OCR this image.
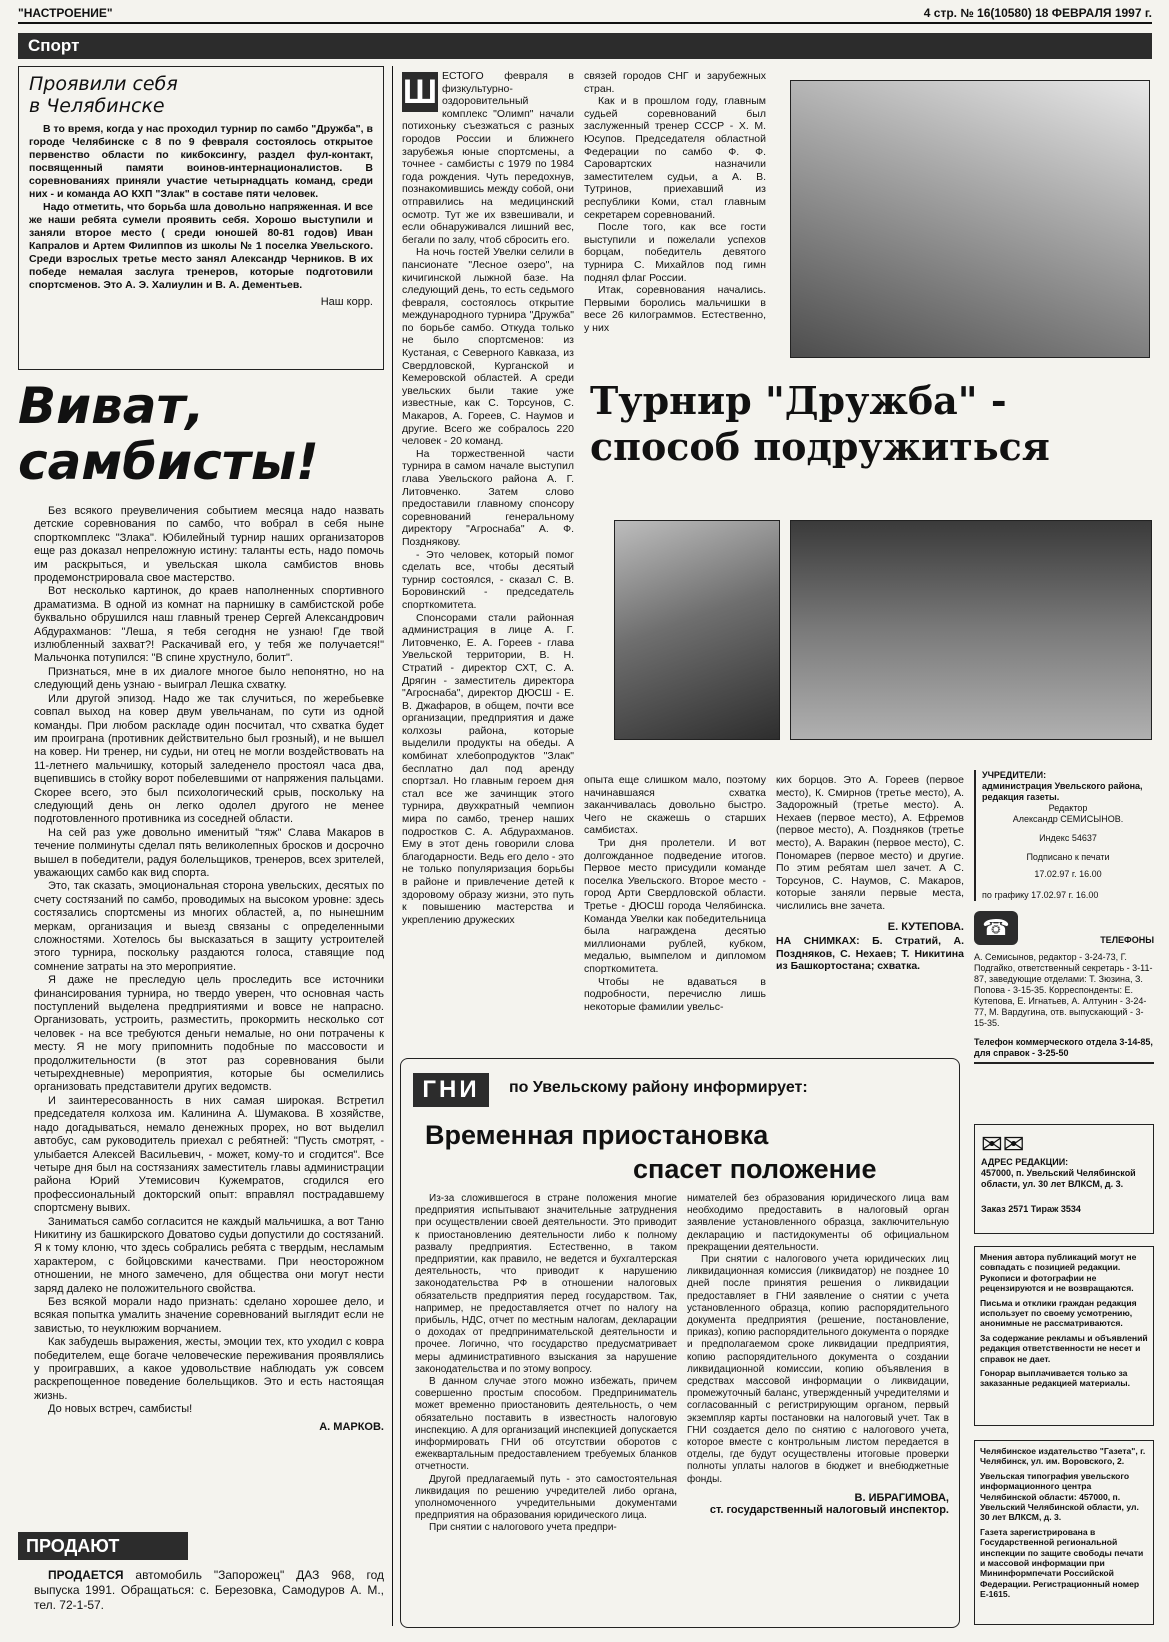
"НАСТРОЕНИЕ"	4 стр. № 16(10580) 18 ФЕВРАЛЯ 1997 г.
Спорт
Проявили себя
в Челябинске

В то время, когда у нас проходил турнир по самбо "Дружба", в городе Челябинске с 8 по 9 февраля состоялось открытое первенство области по кикбоксингу, раздел фул-контакт, посвященный памяти воинов-интернационалистов. В соревнованиях приняли участие четырнадцать команд, среди них - и команда АО КХП "Злак" в составе пяти человек.

Надо отметить, что борьба шла довольно напряженная. И все же наши ребята сумели проявить себя. Хорошо выступили и заняли второе место ( среди юношей 80-81 годов) Иван Капралов и Артем Филиппов из школы № 1 поселка Увельского. Среди взрослых третье место занял Александр Черников. В их победе немалая заслуга тренеров, которые подготовили спортсменов. Это А. Э. Халиулин и В. А. Дементьев.

Наш корр.
Виват,
самбисты!

Без всякого преувеличения событием месяца надо назвать детские соревнования по самбо, что вобрал в себя ныне спорткомплекс "Злака". Юбилейный турнир наших организаторов еще раз доказал непреложную истину: таланты есть, надо помочь им раскрыться, и увельская школа самбистов вновь продемонстрировала свое мастерство.

Вот несколько картинок, до краев наполненных спортивного драматизма. В одной из комнат на парнишку в самбистской робе буквально обрушился наш главный тренер Сергей Александрович Абдурахманов: "Леша, я тебя сегодня не узнаю! Где твой излюбленный захват?! Раскачивай его, у тебя же получается!" Мальчонка потупился: "В спине хрустнуло, болит".

Признаться, мне в их диалоге многое было непонятно, но на следующий день узнаю - выиграл Лешка схватку.

Или другой эпизод. Надо же так случиться, по жеребьевке совпал выход на ковер двум увельчанам, по сути из одной команды. При любом раскладе один посчитал, что схватка будет им проиграна (противник действительно был грозный), и не вышел на ковер. Ни тренер, ни судьи, ни отец не могли воздействовать на 11-летнего мальчишку, который заледенело простоял часа два, вцепившись в стойку ворот побелевшими от напряжения пальцами. Скорее всего, это был психологический срыв, поскольку на следующий день он легко одолел другого не менее подготовленного противника из соседней области.

На сей раз уже довольно именитый "тяж" Слава Макаров в течение полминуты сделал пять великолепных бросков и досрочно вышел в победители, радуя болельщиков, тренеров, всех зрителей, уважающих самбо как вид спорта.

Это, так сказать, эмоциональная сторона увельских, десятых по счету состязаний по самбо, проводимых на высоком уровне: здесь состязались спортсмены из многих областей, а, по нынешним меркам, организация и выезд связаны с определенными сложностями. Хотелось бы высказаться в защиту устроителей этого турнира, поскольку раздаются голоса, ставящие под сомнение затраты на это мероприятие.

Я даже не преследую цель проследить все источники финансирования турнира, но твердо уверен, что основная часть поступлений выделена предприятиями и вовсе не напрасно. Организовать, устроить, разместить, прокормить несколько сот человек - на все требуются деньги немалые, но они потрачены к месту. Я не могу припомнить подобные по массовости и продолжительности (в этот раз соревнования были четырехдневные) мероприятия, которые бы осмелились организовать представители других ведомств.

И заинтересованность в них самая широкая. Встретил председателя колхоза им. Калинина А. Шумакова. В хозяйстве, надо догадываться, немало денежных прорех, но вот выделил автобус, сам руководитель приехал с ребятней: "Пусть смотрят, - улыбается Алексей Васильевич, - может, кому-то и сгодится". Все четыре дня был на состязаниях заместитель главы администрации района Юрий Утемисович Кужемратов, сгодился его профессиональный докторский опыт: вправлял пострадавшему спортсмену вывих.

Заниматься самбо согласится не каждый мальчишка, а вот Таню Никитину из башкирского Доватово судьи допустили до состязаний. Я к тому клоню, что здесь собрались ребята с твердым, несламым характером, с бойцовскими качествами. При неосторожном отношении, не много замечено, для общества они могут нести заряд далеко не положительного свойства.

Без всякой морали надо признать: сделано хорошее дело, и всякая попытка умалить значение соревнований выглядит если не завистью, то неуклюжим ворчанием.

Как забудешь выражения, жесты, эмоции тех, кто уходил с ковра победителем, еще богаче человеческие переживания проявлялись у проигравших, а какое удовольствие наблюдать уж совсем раскрепощенное поведение болельщиков. Это и есть настоящая жизнь.

До новых встреч, самбисты!

А. МАРКОВ.
ПРОДАЮТ

ПРОДАЕТСЯ автомобиль "Запорожец" ДАЗ 968, год выпуска 1991. Обращаться: с. Березовка, Самодуров А. М., тел. 72-1-57.

Ш ЕСТОГО февраля в физкультурно-оздоровительный комплекс "Олимп" начали потихоньку съезжаться с разных городов России и ближнего зарубежья юные спортсмены, а точнее - самбисты с 1979 по 1984 года рождения. Чуть передохнув, познакомившись между собой, они отправились на медицинский осмотр. Тут же их взвешивали, и если обнаруживался лишний вес, бегали по залу, чтоб сбросить его.

На ночь гостей Увелки селили в пансионате "Лесное озеро", на кичигинской лыжной базе. На следующий день, то есть седьмого февраля, состоялось открытие международного турнира "Дружба" по борьбе самбо. Откуда только не было спортсменов: из Кустаная, с Северного Кавказа, из Свердловской, Курганской и Кемеровской областей. А среди увельских были такие уже известные, как С. Торсунов, С. Макаров, А. Гореев, С. Наумов и другие. Всего же собралось 220 человек - 20 команд.

На торжественной части турнира в самом начале выступил глава Увельского района А. Г. Литовченко. Затем слово предоставили главному спонсору соревнований генеральному директору "Агроснаба" А. Ф. Позднякову.

- Это человек, который помог сделать все, чтобы десятый турнир состоялся, - сказал С. В. Боровинский - председатель спорткомитета.

Спонсорами стали районная администрация в лице А. Г. Литовченко, Е. А. Гореев - глава Увельской территории, В. Н. Стратий - директор СХТ, С. А. Дрягин - заместитель директора "Агроснаба", директор ДЮСШ - Е. В. Джафаров, в общем, почти все организации, предприятия и даже колхозы района, которые выделили продукты на обеды. А комбинат хлебопродуктов "Злак" бесплатно дал под аренду спортзал. Но главным героем дня стал все же зачинщик этого турнира, двухкратный чемпион мира по самбо, тренер наших подростков С. А. Абдурахманов. Ему в этот день говорили слова благодарности. Ведь его дело - это не только популяризация борьбы в районе и привлечение детей к здоровому образу жизни, это путь к повышению мастерства и укреплению дружеских

связей городов СНГ и зарубежных стран.

Как и в прошлом году, главным судьей соревнований был заслуженный тренер СССР - Х. М. Юсупов. Председателя областной Федерации по самбо Ф. Ф. Саровартских назначили заместителем судьи, а А. В. Тутринов, приехавший из республики Коми, стал главным секретарем соревнований.

После того, как все гости выступили и пожелали успехов борцам, победитель девятого турнира С. Михайлов под гимн поднял флаг России.

Итак, соревнования начались. Первыми боролись мальчишки в весе 26 килограммов. Естественно, у них

Турнир "Дружба" -
способ подружиться

опыта еще слишком мало, поэтому начинавшаяся схватка заканчивалась довольно быстро. Чего не скажешь о старших самбистах.

Три дня пролетели. И вот долгожданное подведение итогов. Первое место присудили команде поселка Увельского. Второе место - город Арти Свердловской области. Третье - ДЮСШ города Челябинска. Команда Увелки как победительница была награждена десятью миллионами рублей, кубком, медалью, вымпелом и дипломом спорткомитета.

Чтобы не вдаваться в подробности, перечислю лишь некоторые фамилии увельс-

ких борцов. Это А. Гореев (первое место), К. Смирнов (третье место), А. Задорожный (третье место). А. Нехаев (первое место), А. Ефремов (первое место), А. Поздняков (третье место), А. Варакин (первое место), С. Пономарев (первое место) и другие. По этим ребятам шел зачет. А С. Торсунов, С. Наумов, С. Макаров, которые заняли первые места, числились вне зачета.

Е. КУТЕПОВА.
НА СНИМКАХ: Б. Стратий, А. Поздняков, С. Нехаев; Т. Никитина из Башкортостана; схватка.
ГНИ	по Увельскому району информирует:
Временная приостановка
спасет положение

Из-за сложившегося в стране положения многие предприятия испытывают значительные затруднения при осуществлении своей деятельности. Это приводит к приостановлению деятельности либо к полному развалу предприятия. Естественно, в таком предприятии, как правило, не ведется и бухгалтерская деятельность, что приводит к нарушению законодательства РФ в отношении налоговых обязательств предприятия перед государством. Так, например, не предоставляется отчет по налогу на прибыль, НДС, отчет по местным налогам, декларации о доходах от предпринимательской деятельности и прочее. Логично, что государство предусматривает меры административного взыскания за нарушение законодательства и по этому вопросу.

В данном случае этого можно избежать, причем совершенно простым способом. Предприниматель может временно приостановить деятельность, о чем обязательно поставить в известность налоговую инспекцию. А для организаций инспекцией допускается информировать ГНИ об отсутствии оборотов с ежеквартальным предоставлением требуемых бланков отчетности.

Другой предлагаемый путь - это самостоятельная ликвидация по решению учредителей либо органа, уполномоченного учредительными документами предприятия на образования юридического лица.

При снятии с налогового учета предпри-

нимателей без образования юридического лица вам необходимо предоставить в налоговый орган заявление установленного образца, заключительную декларацию и пастидокументы об официальном прекращении деятельности.

При снятии с налогового учета юридических лиц ликвидационная комиссия (ликвидатор) не позднее 10 дней после принятия решения о ликвидации предоставляет в ГНИ заявление о снятии с учета установленного образца, копию распорядительного документа предприятия (решение, постановление, приказ), копию распорядительного документа о порядке и предполагаемом сроке ликвидации предприятия, копию распорядительного документа о создании ликвидационной комиссии, копию объявления в средствах массовой информации о ликвидации, промежуточный баланс, утвержденный учредителями и согласованный с регистрирующим органом, первый экземпляр карты постановки на налоговый учет. Так в ГНИ создается дело по снятию с налогового учета, которое вместе с контрольным листом передается в отделы, где будут осуществлены итоговые проверки полноты уплаты налогов в бюджет и внебюджетные фонды.

В. ИБРАГИМОВА,
ст. государственный налоговый инспектор.
УЧРЕДИТЕЛИ:
администрация Увельского района, редакция газеты.
Редактор
Александр СЕМИСЫНОВ.
Индекс 54637
Подписано к печати
17.02.97 г. 16.00
по графику 17.02.97 г. 16.00
☎	ТЕЛЕФОНЫ
А. Семисынов, редактор - 3-24-73, Г. Подгайко, ответственный секретарь - 3-11-87, заведующие отделами: Т. Зюзина, З. Попова - 3-15-35. Корреспонденты: Е. Кутепова, Е. Игнатьев, А. Алтунин - 3-24-77, М. Вардугина, отв. выпускающий - 3-15-35.
Телефон коммерческого отдела 3-14-85, для справок - 3-25-50
✉✉
АДРЕС РЕДАКЦИИ:
457000, п. Увельский Челябинской области, ул. 30 лет ВЛКСМ, д. 3.
Заказ 2571 Тираж 3534
Мнения автора публикаций могут не совпадать с позицией редакции. Рукописи и фотографии не рецензируются и не возвращаются.
Письма и отклики граждан редакция использует по своему усмотрению, анонимные не рассматриваются.
За содержание рекламы и объявлений редакция ответственности не несет и справок не дает.
Гонорар выплачивается только за заказанные редакцией материалы.
Челябинское издательство "Газета", г. Челябинск, ул. им. Воровского, 2.
Увельская типография увельского информационного центра Челябинской области: 457000, п. Увельский Челябинской области, ул. 30 лет ВЛКСМ, д. 3.
Газета зарегистрирована в Государственной региональной инспекции по защите свободы печати и массовой информации при Мининформпечати Российской Федерации. Регистрационный номер Е-1615.
